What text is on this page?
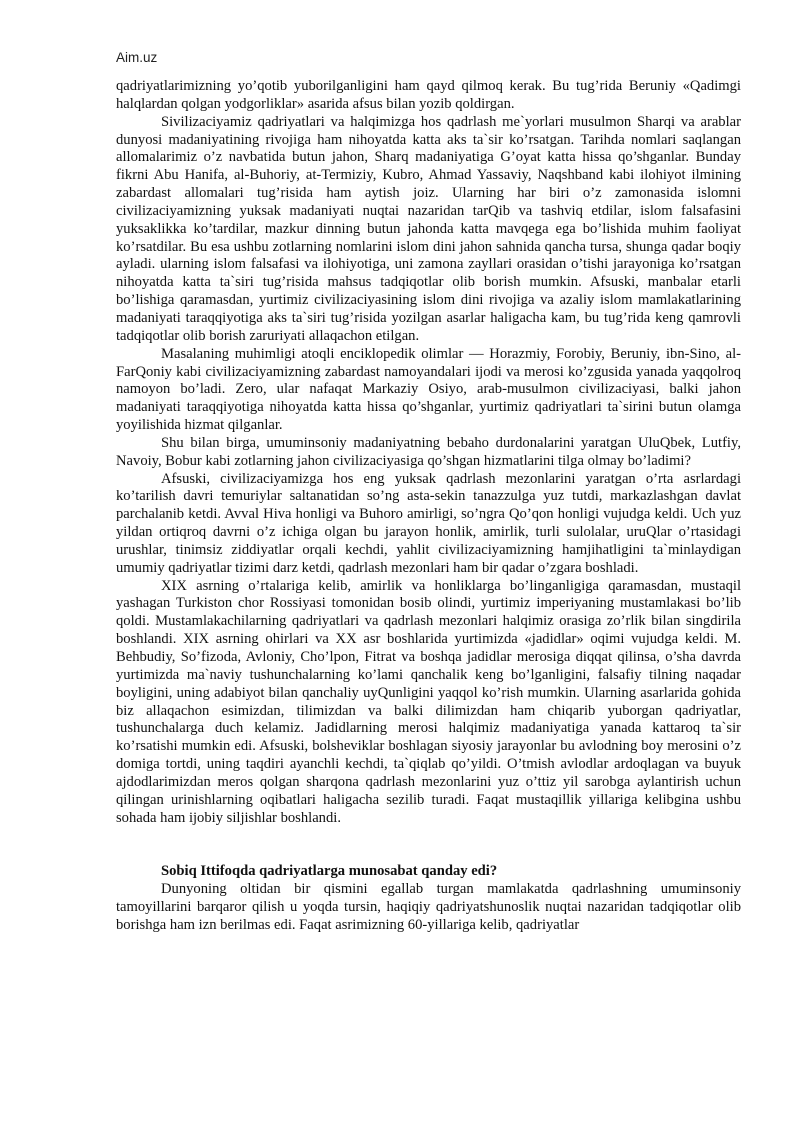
Aim.uz

qadriyatlarimizning yo’qotib yuborilganligini ham qayd qilmoq kerak. Bu tug’rida Beruniy «Qadimgi halqlardan qolgan yodgorliklar» asarida afsus bilan yozib qoldirgan.

Sivilizaciyamiz qadriyatlari va halqimizga hos qadrlash me`yorlari musulmon Sharqi va arablar dunyosi madaniyatining rivojiga ham nihoyatda katta aks ta`sir ko’rsatgan. Tarihda nomlari saqlangan allomalarimiz o’z navbatida butun jahon, Sharq madaniyatiga G’oyat katta hissa qo’shganlar. Bunday fikrni Abu Hanifa, al-Buhoriy, at-Termiziy, Kubro, Ahmad Yassaviy, Naqshband kabi ilohiyot ilmining zabardast allomalari tug’risida ham aytish joiz. Ularning har biri o’z zamonasida islomni civilizaciyamizning yuksak madaniyati nuqtai nazaridan tarQib va tashviq etdilar, islom falsafasini yuksaklikka ko’tardilar, mazkur dinning butun jahonda katta mavqega ega bo’lishida muhim faoliyat ko’rsatdilar. Bu esa ushbu zotlarning nomlarini islom dini jahon sahnida qancha tursa, shunga qadar boqiy ayladi. ularning islom falsafasi va ilohiyotiga, uni zamona zayllari orasidan o’tishi jarayoniga ko’rsatgan nihoyatda katta ta`siri tug’risida mahsus tadqiqotlar olib borish mumkin. Afsuski, manbalar etarli bo’lishiga qaramasdan, yurtimiz civilizaciyasining islom dini rivojiga va azaliy islom mamlakatlarining madaniyati taraqqiyotiga aks ta`siri tug’risida yozilgan asarlar haligacha kam, bu tug’rida keng qamrovli tadqiqotlar olib borish zaruriyati allaqachon etilgan.

Masalaning muhimligi atoqli enciklopedik olimlar — Horazmiy, Forobiy, Beruniy, ibn-Sino, al-FarQoniy kabi civilizaciyamizning zabardast namoyandalari ijodi va merosi ko’zgusida yanada yaqqolroq namoyon bo’ladi. Zero, ular nafaqat Markaziy Osiyo, arab-musulmon civilizaciyasi, balki jahon madaniyati taraqqiyotiga nihoyatda katta hissa qo’shganlar, yurtimiz qadriyatlari ta`sirini butun olamga yoyilishida hizmat qilganlar.

Shu bilan birga, umuminsoniy madaniyatning bebaho durdonalarini yaratgan UluQbek, Lutfiy, Navoiy, Bobur kabi zotlarning jahon civilizaciyasiga qo’shgan hizmatlarini tilga olmay bo’ladimi?

Afsuski, civilizaciyamizga hos eng yuksak qadrlash mezonlarini yaratgan o’rta asrlardagi ko’tarilish davri temuriylar saltanatidan so’ng asta-sekin tanazzulga yuz tutdi, markazlashgan davlat parchalanib ketdi. Avval Hiva honligi va Buhoro amirligi, so’ngra Qo’qon honligi vujudga keldi. Uch yuz yildan ortiqroq davrni o’z ichiga olgan bu jarayon honlik, amirlik, turli sulolalar, uruQlar o’rtasidagi urushlar, tinimsiz ziddiyatlar orqali kechdi, yahlit civilizaciyamizning hamjihatligini ta`minlaydigan umumiy qadriyatlar tizimi darz ketdi, qadrlash mezonlari ham bir qadar o’zgara boshladi.

XIX asrning o’rtalariga kelib, amirlik va honliklarga bo’linganligiga qaramasdan, mustaqil yashagan Turkiston chor Rossiyasi tomonidan bosib olindi, yurtimiz imperiyaning mustamlakasi bo’lib qoldi. Mustamlakachilarning qadriyatlari va qadrlash mezonlari halqimiz orasiga zo’rlik bilan singdirila boshlandi. XIX asrning ohirlari va XX asr boshlarida yurtimizda «jadidlar» oqimi vujudga keldi. M. Behbudiy, So’fizoda, Avloniy, Cho’lpon, Fitrat va boshqa jadidlar merosiga diqqat qilinsa, o’sha davrda yurtimizda ma`naviy tushunchalarning ko’lami qanchalik keng bo’lganligini, falsafiy tilning naqadar boyligini, uning adabiyot bilan qanchaliy uyQunligini yaqqol ko’rish mumkin. Ularning asarlarida gohida biz allaqachon esimizdan, tilimizdan va balki dilimizdan ham chiqarib yuborgan qadriyatlar, tushunchalarga duch kelamiz. Jadidlarning merosi halqimiz madaniyatiga yanada kattaroq ta`sir ko’rsatishi mumkin edi. Afsuski, bolsheviklar boshlagan siyosiy jarayonlar bu avlodning boy merosini o’z domiga tortdi, uning taqdiri ayanchli kechdi, ta`qiqlab qo’yildi. O’tmish avlodlar ardoqlagan va buyuk ajdodlarimizdan meros qolgan sharqona qadrlash mezonlarini yuz o’ttiz yil sarobga aylantirish uchun qilingan urinishlarning oqibatlari haligacha sezilib turadi. Faqat mustaqillik yillariga kelibgina ushbu sohada ham ijobiy siljishlar boshlandi.

Sobiq Ittifoqda qadriyatlarga munosabat qanday edi?

Dunyoning oltidan bir qismini egallab turgan mamlakatda qadrlashning umuminsoniy tamoyillarini barqaror qilish u yoqda tursin, haqiqiy qadriyatshunoslik nuqtai nazaridan tadqiqotlar olib borishga ham izn berilmas edi. Faqat asrimizning 60-yillariga kelib, qadriyatlar
